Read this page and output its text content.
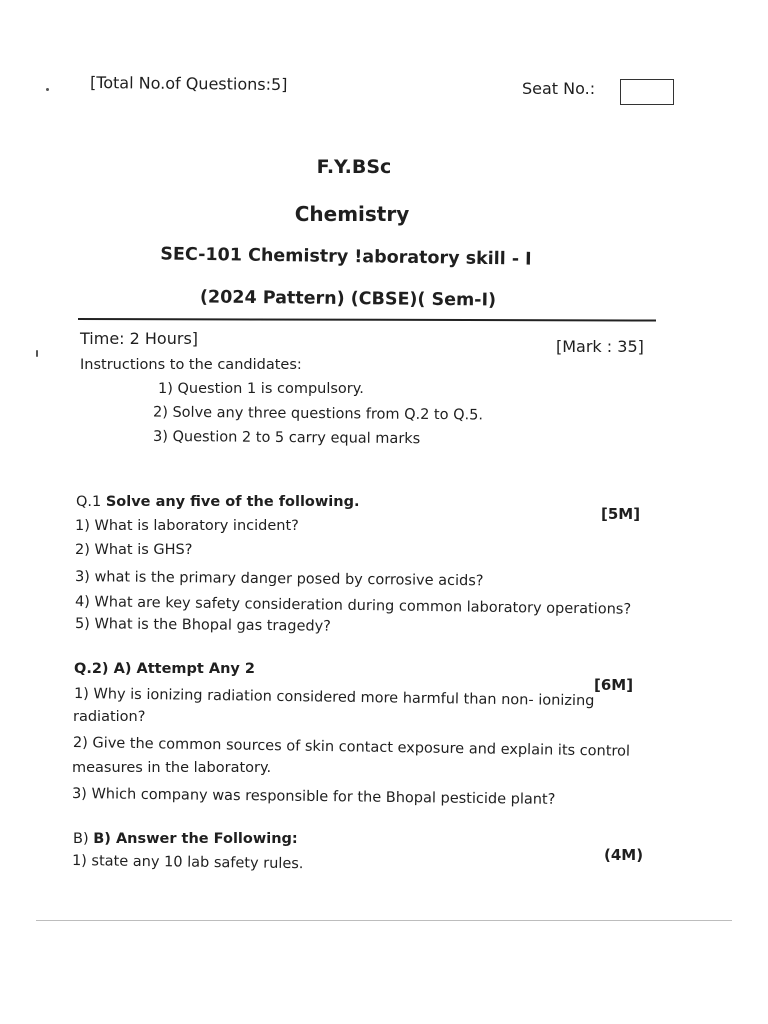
[Total No.of Questions:5]	Seat No.:
F.Y.BSc
Chemistry
SEC-101 Chemistry !aboratory skill - I
(2024 Pattern) (CBSE)( Sem-I)
Time: 2 Hours]	[Mark : 35]
Instructions to the candidates:
1) Question 1 is compulsory.
2) Solve any three questions from Q.2 to Q.5.
3) Question 2 to 5 carry equal marks
Q.1 Solve any five of the following.
[5M]
1) What is laboratory incident?
2) What is GHS?
3) what is the primary danger posed by corrosive acids?
4) What are key safety consideration during common laboratory operations?
5) What is the Bhopal gas tragedy?
Q.2) A) Attempt Any 2
[6M]
1) Why is ionizing radiation considered more harmful than non- ionizing
radiation?
2) Give the common sources of skin contact exposure and explain its control
measures in the laboratory.
3) Which company was responsible for the Bhopal pesticide plant?
B) B) Answer the Following:
(4M)
1) state any 10 lab safety rules.
